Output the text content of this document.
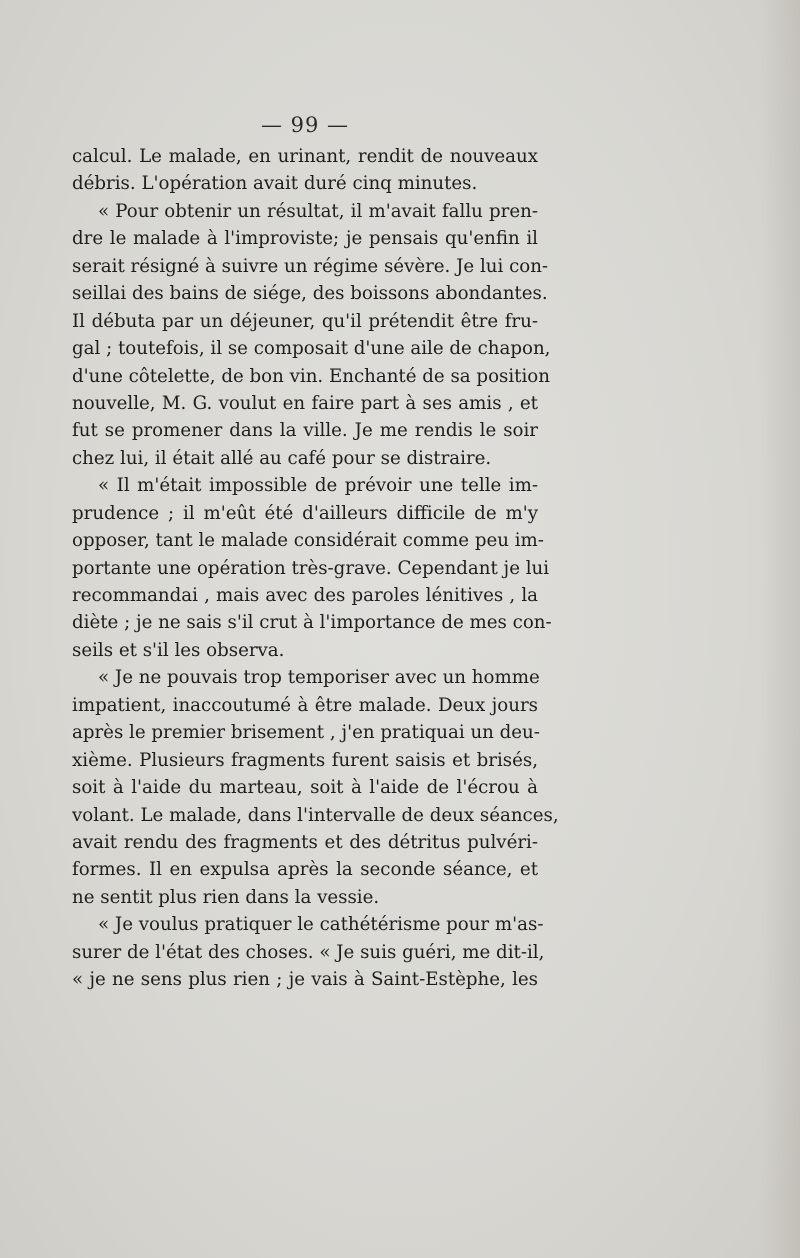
— 99 —
calcul. Le malade, en urinant, rendit de nouveaux
débris. L'opération avait duré cinq minutes.
« Pour obtenir un résultat, il m'avait fallu pren-
dre le malade à l'improviste; je pensais qu'enfin il
serait résigné à suivre un régime sévère. Je lui con-
seillai des bains de siége, des boissons abondantes.
Il débuta par un déjeuner, qu'il prétendit être fru-
gal ; toutefois, il se composait d'une aile de chapon,
d'une côtelette, de bon vin. Enchanté de sa position
nouvelle, M. G. voulut en faire part à ses amis , et
fut se promener dans la ville. Je me rendis le soir
chez lui, il était allé au café pour se distraire.
« Il m'était impossible de prévoir une telle im-
prudence ; il m'eût été d'ailleurs difficile de m'y
opposer, tant le malade considérait comme peu im-
portante une opération très-grave. Cependant je lui
recommandai , mais avec des paroles lénitives , la
diète ; je ne sais s'il crut à l'importance de mes con-
seils et s'il les observa.
« Je ne pouvais trop temporiser avec un homme
impatient, inaccoutumé à être malade. Deux jours
après le premier brisement , j'en pratiquai un deu-
xième. Plusieurs fragments furent saisis et brisés,
soit à l'aide du marteau, soit à l'aide de l'écrou à
volant. Le malade, dans l'intervalle de deux séances,
avait rendu des fragments et des détritus pulvéri-
formes. Il en expulsa après la seconde séance, et
ne sentit plus rien dans la vessie.
« Je voulus pratiquer le cathétérisme pour m'as-
surer de l'état des choses. « Je suis guéri, me dit-il,
« je ne sens plus rien ; je vais à Saint-Estèphe, les
